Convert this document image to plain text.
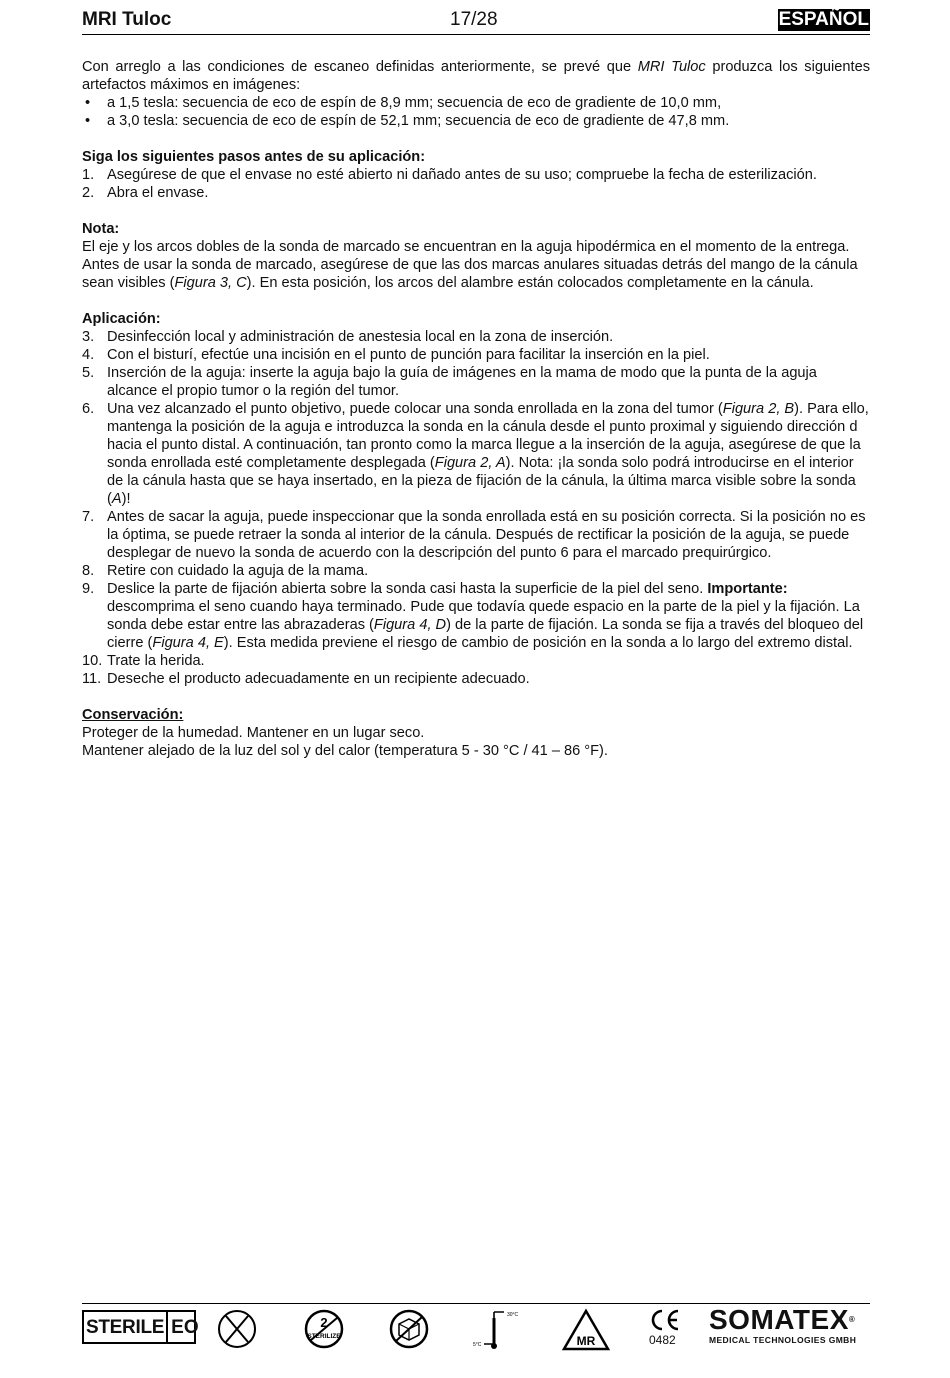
MRI Tuloc	17/28	ESPAÑOL

Con arreglo a las condiciones de escaneo definidas anteriormente, se prevé que MRI Tuloc produzca los siguientes artefactos máximos en imágenes:

• a 1,5 tesla: secuencia de eco de espín de 8,9 mm; secuencia de eco de gradiente de 10,0 mm,
• a 3,0 tesla: secuencia de eco de espín de 52,1 mm; secuencia de eco de gradiente de 47,8 mm.

Siga los siguientes pasos antes de su aplicación:

1. Asegúrese de que el envase no esté abierto ni dañado antes de su uso; compruebe la fecha de esterilización.
2. Abra el envase.

Nota:

El eje y los arcos dobles de la sonda de marcado se encuentran en la aguja hipodérmica en el momento de la entrega. Antes de usar la sonda de marcado, asegúrese de que las dos marcas anulares situadas detrás del mango de la cánula sean visibles (Figura 3, C). En esta posición, los arcos del alambre están colocados completamente en la cánula.

Aplicación:

3. Desinfección local y administración de anestesia local en la zona de inserción.
4. Con el bisturí, efectúe una incisión en el punto de punción para facilitar la inserción en la piel.
5. Inserción de la aguja: inserte la aguja bajo la guía de imágenes en la mama de modo que la punta de la aguja alcance el propio tumor o la región del tumor.
6. Una vez alcanzado el punto objetivo, puede colocar una sonda enrollada en la zona del tumor (Figura 2, B). Para ello, mantenga la posición de la aguja e introduzca la sonda en la cánula desde el punto proximal y siguiendo dirección d hacia el punto distal. A continuación, tan pronto como la marca llegue a la inserción de la aguja, asegúrese de que la sonda enrollada esté completamente desplegada (Figura 2, A). Nota: ¡la sonda solo podrá introducirse en el interior de la cánula hasta que se haya insertado, en la pieza de fijación de la cánula, la última marca visible sobre la sonda (A)!
7. Antes de sacar la aguja, puede inspeccionar que la sonda enrollada está en su posición correcta. Si la posición no es la óptima, se puede retraer la sonda al interior de la cánula. Después de rectificar la posición de la aguja, se puede desplegar de nuevo la sonda de acuerdo con la descripción del punto 6 para el marcado prequirúrgico.
8. Retire con cuidado la aguja de la mama.
9. Deslice la parte de fijación abierta sobre la sonda casi hasta la superficie de la piel del seno. Importante: descomprima el seno cuando haya terminado. Pude que todavía quede espacio en la parte de la piel y la fijación. La sonda debe estar entre las abrazaderas (Figura 4, D) de la parte de fijación. La sonda se fija a través del bloqueo del cierre (Figura 4, E). Esta medida previene el riesgo de cambio de posición en la sonda a lo largo del extremo distal.
10. Trate la herida.
11. Deseche el producto adecuadamente en un recipiente adecuado.

Conservación:

Proteger de la humedad. Mantener en un lugar seco.

Mantener alejado de la luz del sol y del calor (temperatura 5 - 30 °C / 41 – 86 °F).

STERILE EO	2
STERILIZE
30°C
5°C	MR	0482
SOMATEX®
MEDICAL TECHNOLOGIES GMBH
